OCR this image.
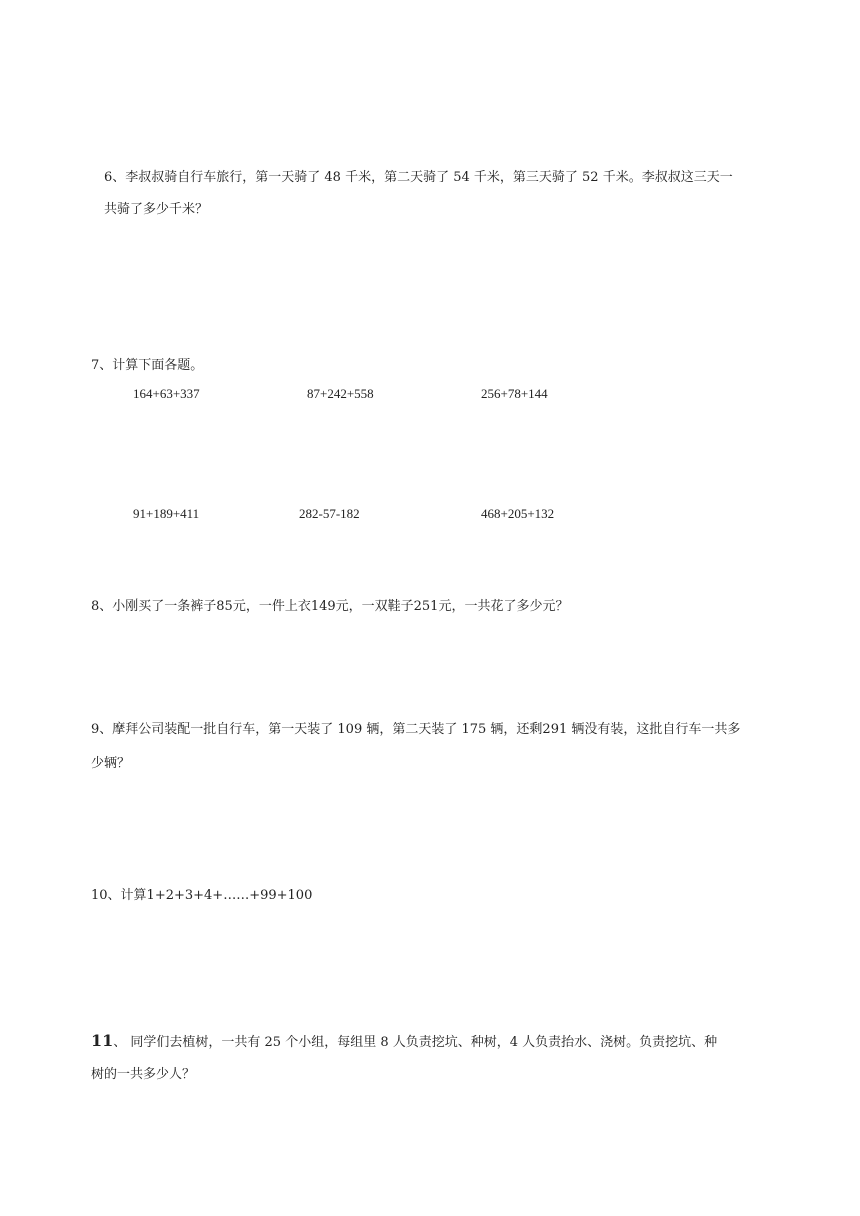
6、李叔叔骑自行车旅行，第一天骑了 48 千米，第二天骑了 54 千米，第三天骑了 52 千米。李叔叔这三天一
共骑了多少千米？
7、计算下面各题。
164+63+337	87+242+558	256+78+144
91+189+411	282-57-182	468+205+132
8、小刚买了一条裤子85元，一件上衣149元，一双鞋子251元，一共花了多少元？
9、摩拜公司装配一批自行车，第一天装了 109 辆，第二天装了 175 辆，还剩291 辆没有装，这批自行车一共多
少辆？
10、计算1+2+3+4+……+99+100
11、 同学们去植树，一共有 25 个小组，每组里 8 人负责挖坑、种树，4 人负责抬水、浇树。负责挖坑、种
树的一共多少人？
